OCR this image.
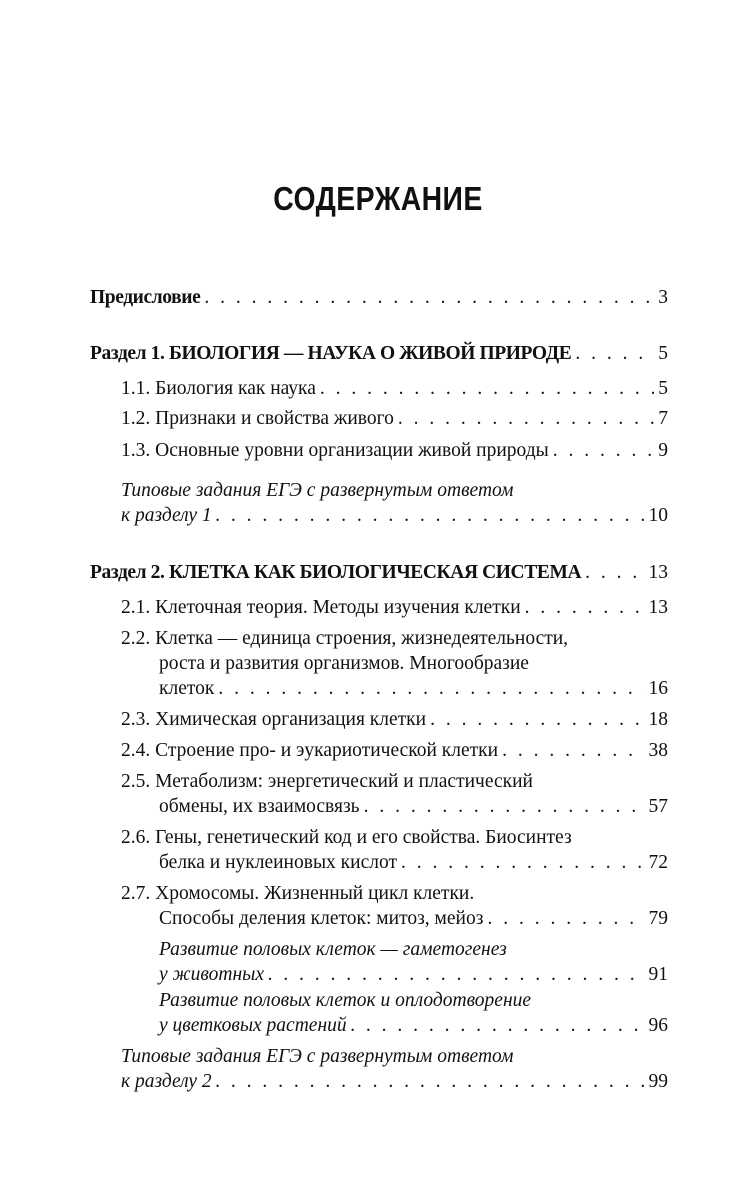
СОДЕРЖАНИЕ
Предисловие . . .	3
Раздел 1. БИОЛОГИЯ — НАУКА О ЖИВОЙ ПРИРОДЕ . . .	5
1.1. Биология как наука . . .	5
1.2. Признаки и свойства живого . . .	7
1.3. Основные уровни организации живой природы . . .	9
Типовые задания ЕГЭ с развернутым ответом
к разделу 1 . . .	10
Раздел 2. КЛЕТКА КАК БИОЛОГИЧЕСКАЯ СИСТЕМА . . .	13
2.1. Клеточная теория. Методы изучения клетки . . .	13
2.2. Клетка — единица строения, жизнедеятельности,
роста и развития организмов. Многообразие
клеток . . .	16
2.3. Химическая организация клетки . . .	18
2.4. Строение про- и эукариотической клетки . . .	38
2.5. Метаболизм: энергетический и пластический
обмены, их взаимосвязь . . .	57
2.6. Гены, генетический код и его свойства. Биосинтез
белка и нуклеиновых кислот . . .	72
2.7. Хромосомы. Жизненный цикл клетки.
Способы деления клеток: митоз, мейоз . . .	79
Развитие половых клеток — гаметогенез
у животных . . .	91
Развитие половых клеток и оплодотворение
у цветковых растений . . .	96
Типовые задания ЕГЭ с развернутым ответом
к разделу 2 . . .	99
